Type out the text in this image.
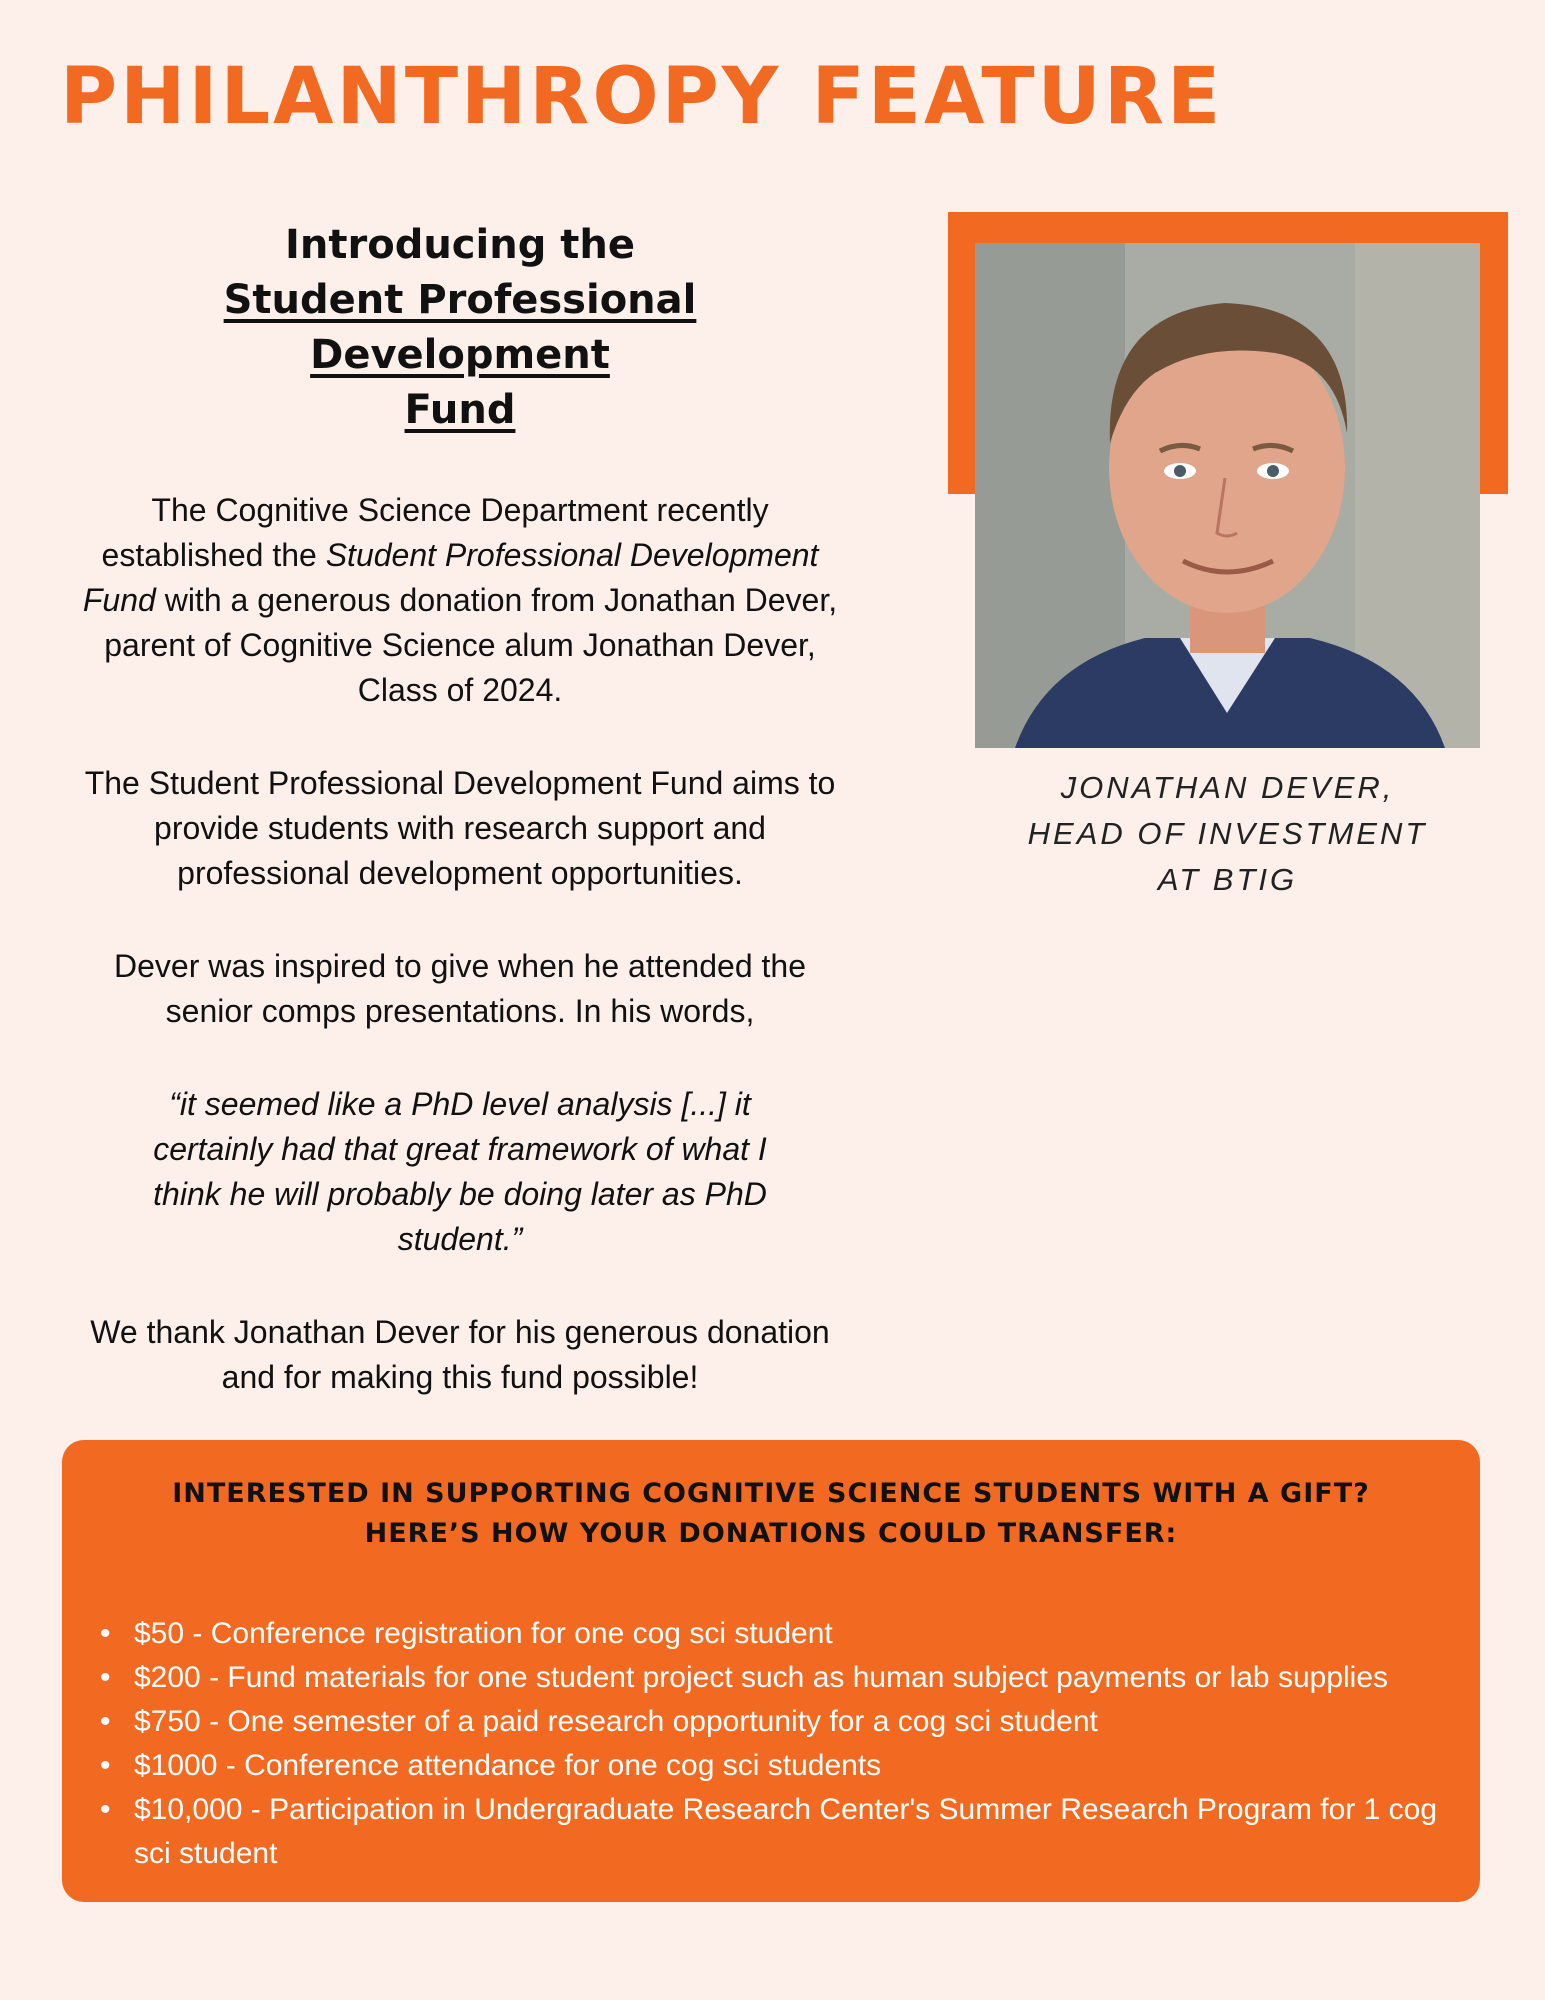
PHILANTHROPY FEATURE
Introducing the
Student Professional Development
Fund

The Cognitive Science Department recently established the Student Professional Development Fund with a generous donation from Jonathan Dever, parent of Cognitive Science alum Jonathan Dever, Class of 2024.

The Student Professional Development Fund aims to provide students with research support and professional development opportunities.

Dever was inspired to give when he attended the senior comps presentations. In his words,

“it seemed like a PhD level analysis [...] it certainly had that great framework of what I think he will probably be doing later as PhD student.”

We thank Jonathan Dever for his generous donation and for making this fund possible!

JONATHAN DEVER,
HEAD OF INVESTMENT
AT BTIG
INTERESTED IN SUPPORTING COGNITIVE SCIENCE STUDENTS WITH A GIFT?
HERE’S HOW YOUR DONATIONS COULD TRANSFER:
• $50 - Conference registration for one cog sci student
• $200 - Fund materials for one student project such as human subject payments or lab supplies
• $750 - One semester of a paid research opportunity for a cog sci student
• $1000 - Conference attendance for one cog sci students
• $10,000 - Participation in Undergraduate Research Center's Summer Research Program for 1 cog sci student
